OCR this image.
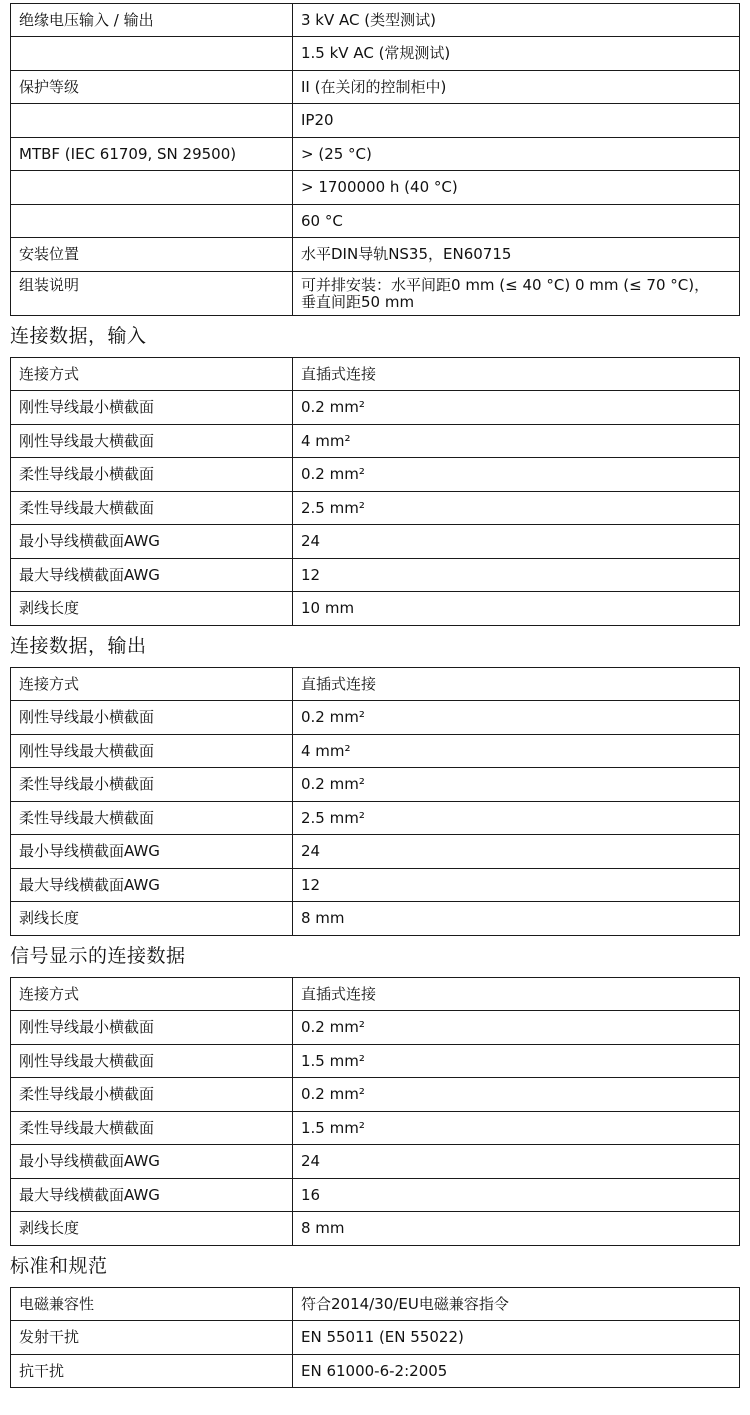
绝缘电压输入 / 输出	3 kV AC (类型测试)
	1.5 kV AC (常规测试)
保护等级	II (在关闭的控制柜中)
	IP20
MTBF (IEC 61709, SN 29500)	> (25 °C)
	> 1700000 h (40 °C)
	60 °C
安装位置	水平DIN导轨NS35，EN60715
组装说明	可并排安装：水平间距0 mm (≤ 40 °C) 0 mm (≤ 70 °C)，
垂直间距50 mm
连接数据，输入
连接方式	直插式连接
刚性导线最小横截面	0.2 mm²
刚性导线最大横截面	4 mm²
柔性导线最小横截面	0.2 mm²
柔性导线最大横截面	2.5 mm²
最小导线横截面AWG	24
最大导线横截面AWG	12
剥线长度	10 mm
连接数据，输出
连接方式	直插式连接
刚性导线最小横截面	0.2 mm²
刚性导线最大横截面	4 mm²
柔性导线最小横截面	0.2 mm²
柔性导线最大横截面	2.5 mm²
最小导线横截面AWG	24
最大导线横截面AWG	12
剥线长度	8 mm
信号显示的连接数据
连接方式	直插式连接
刚性导线最小横截面	0.2 mm²
刚性导线最大横截面	1.5 mm²
柔性导线最小横截面	0.2 mm²
柔性导线最大横截面	1.5 mm²
最小导线横截面AWG	24
最大导线横截面AWG	16
剥线长度	8 mm
标准和规范
电磁兼容性	符合2014/30/EU电磁兼容指令
发射干扰	EN 55011 (EN 55022)
抗干扰	EN 61000-6-2:2005
